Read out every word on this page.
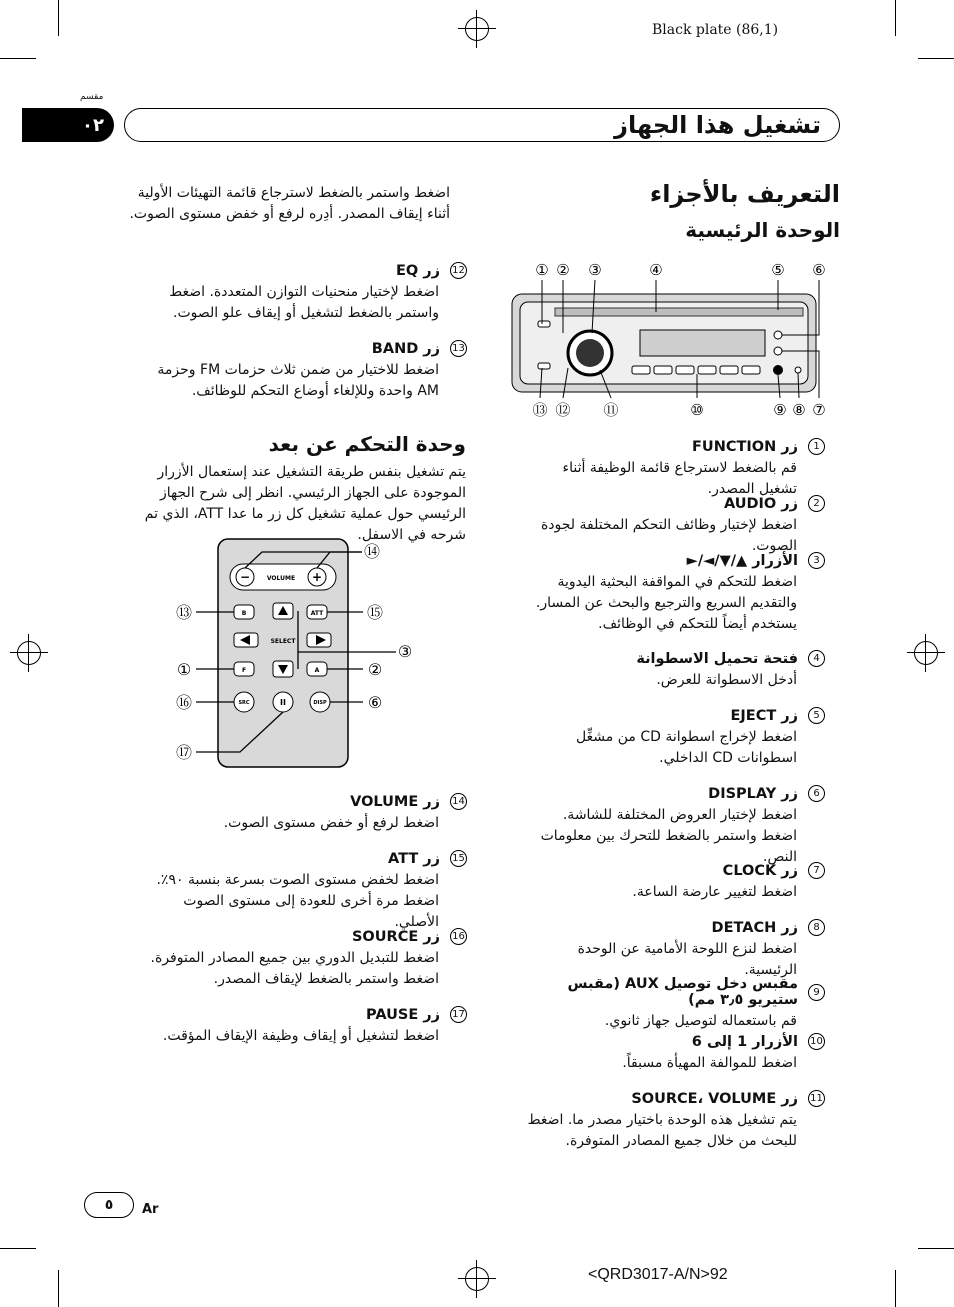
Black plate (86,1)
مقسم
٠٢	تشغيل هذا الجهاز
التعريف بالأجزاء
الوحدة الرئيسية
① ② ③	④	⑤ ⑥
⑬ ⑫ ⑪	⑩	⑨ ⑧ ⑦
1
زر FUNCTION
قم بالضغط لاسترجاع قائمة الوظيفة أثناء تشغيل المصدر.
2
زر AUDIO
اضغط لإختيار وظائف التحكم المختلفة لجودة الصوت.
3
الأزرار ▲/▼/◄/►
اضغط للتحكم في المواقفة البحثية اليدوية والتقديم السريع والترجيع والبحث عن المسار. يستخدم أيضاً للتحكم في الوظائف.
4
فتحة تحميل الاسطوانة
أدخل الاسطوانة للعرض.
5
زر EJECT
اضغط لإخراج اسطوانة CD من مشغِّل اسطوانات CD الداخلي.
6
زر DISPLAY
اضغط لإختيار العروض المختلفة للشاشة. اضغط واستمر بالضغط للتحرك بين معلومات النص.
7
زر CLOCK
اضغط لتغيير عارضة الساعة.
8
زر DETACH
اضغط لنزع اللوحة الأمامية عن الوحدة الرئيسية.
9
مقبس دخل توصيل AUX (مقبس ستيريو ٣٫٥ مم)
قم باستعماله لتوصيل جهاز ثانوي.
10
الأزرار 1 إلى 6
اضغط للموالفة المهيأة مسبقاً.
11
زر SOURCE، VOLUME
يتم تشغيل هذه الوحدة باختيار مصدر ما. اضغط للبحث من خلال جميع المصادر المتوفرة.
اضغط واستمر بالضغط لاسترجاع قائمة التهيئات الأولية أثناء إيقاف المصدر. أدِره لرفع أو خفض مستوى الصوت.
12
زر EQ
اضغط لإختيار منحنيات التوازن المتعددة. اضغط واستمر بالضغط لتشغيل أو إيقاف علو الصوت.
13
زر BAND
اضغط للاختيار من ضمن ثلاث حزمات FM وحزمة AM واحدة وللإلغاء أوضاع التحكم للوظائف.
وحدة التحكم عن بعد
يتم تشغيل بنفس طريقة التشغيل عند إستعمال الأزرار الموجودة على الجهاز الرئيسي. انظر إلى شرح الجهاز الرئيسي حول عملية تشغيل كل زر ما عدا ATT، الذي تم شرحه في الاسفل.
−	+
VOLUME
B	ATT
SELECT
F	A
SRC	II	DISP
⑭
⑬	⑮
③
①	②
⑯	⑥
⑰
14
زر VOLUME
اضغط لرفع أو خفض مستوى الصوت.
15
زر ATT
اضغط لخفض مستوى الصوت بسرعة بنسبة ٩٠٪. اضغط مرة أخرى للعودة إلى مستوى الصوت الأصلي.
16
زر SOURCE
اضغط للتبديل الدوري بين جميع المصادر المتوفرة. اضغط واستمر بالضغط لإيقاف المصدر.
17
زر PAUSE
اضغط لتشغيل أو إيقاف وظيفة الإيقاف المؤقت.
٥	Ar
<QRD3017-A/N>92
